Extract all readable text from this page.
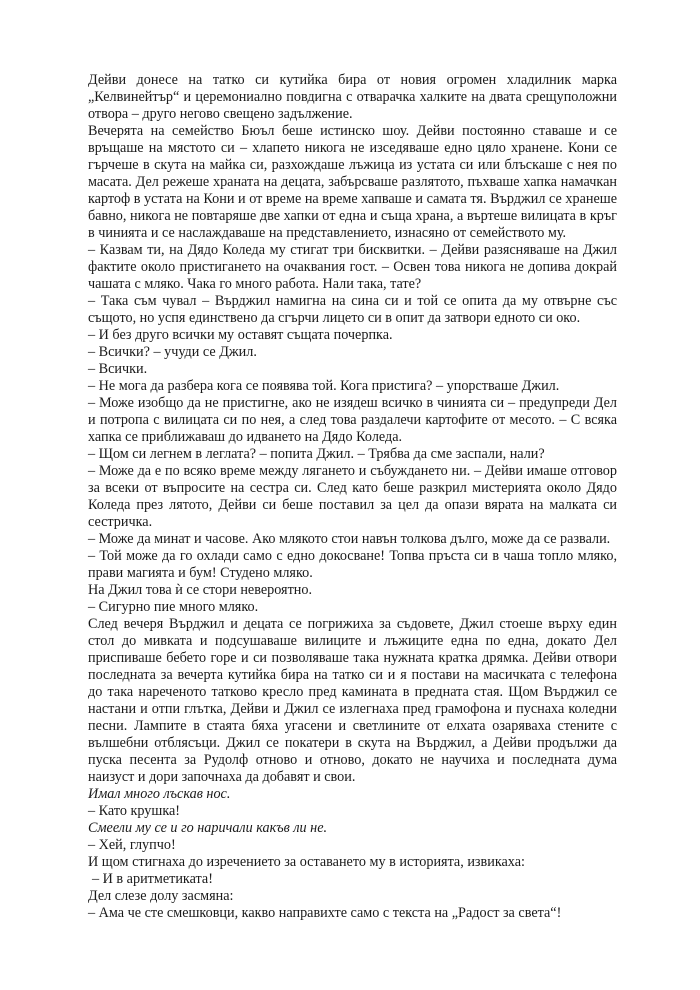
Дейви донесе на татко си кутийка бира от новия огромен хладилник марка „Келвинейтър“ и церемониално повдигна с отварачка халките на двата срещуположни отвора – друго негово свещено задължение.

Вечерята на семейство Бюъл беше истинско шоу. Дейви постоянно ставаше и се връщаше на мястото си – хлапето никога не изседяваше едно цяло хранене. Кони се гърчеше в скута на майка си, разхождаше лъжица из устата си или блъскаше с нея по масата. Дел режеше храната на децата, забърсваше разлятото, пъхваше хапка намачкан картоф в устата на Кони и от време на време хапваше и самата тя. Върджил се хранеше бавно, никога не повтаряше две хапки от една и съща храна, а въртеше вилицата в кръг в чинията и се наслаждаваше на представлението, изнасяно от семейството му.

– Казвам ти, на Дядо Коледа му стигат три бисквитки. – Дейви разясняваше на Джил фактите около пристигането на очаквания гост. – Освен това никога не допива докрай чашата с мляко. Чака го много работа. Нали така, тате?

– Така съм чувал – Върджил намигна на сина си и той се опита да му отвърне със същото, но успя единствено да сгърчи лицето си в опит да затвори едното си око.

– И без друго всички му оставят същата почерпка.

– Всички? – учуди се Джил.

– Всички.

– Не мога да разбера кога се появява той. Кога пристига? – упорстваше Джил.

– Може изобщо да не пристигне, ако не изядеш всичко в чинията си – предупреди Дел и потропа с вилицата си по нея, а след това раздалечи картофите от месото. – С всяка хапка се приближаваш до идването на Дядо Коледа.

– Щом си легнем в леглата? – попита Джил. – Трябва да сме заспали, нали?

– Може да е по всяко време между лягането и събуждането ни. – Дейви имаше отговор за всеки от въпросите на сестра си. След като беше разкрил мистерията около Дядо Коледа през лятото, Дейви си беше поставил за цел да опази вярата на малката си сестричка.

– Може да минат и часове. Ако млякото стои навън толкова дълго, може да се развали.

– Той може да го охлади само с едно докосване! Топва пръста си в чаша топло мляко, прави магията и бум! Студено мляко.

На Джил това ѝ се стори невероятно.

– Сигурно пие много мляко.

След вечеря Върджил и децата се погрижиха за съдовете, Джил стоеше върху един стол до мивката и подсушаваше вилиците и лъжиците една по една, докато Дел приспиваше бебето горе и си позволяваше така нужната кратка дрямка. Дейви отвори последната за вечерта кутийка бира на татко си и я постави на масичката с телефона до така нареченото татково кресло пред камината в предната стая. Щом Върджил се настани и отпи глътка, Дейви и Джил се излегнаха пред грамофона и пуснаха коледни песни. Лампите в стаята бяха угасени и светлините от елхата озаряваха стените с вълшебни отблясъци. Джил се покатери в скута на Върджил, а Дейви продължи да пуска песента за Рудолф отново и отново, докато не научиха и последната дума наизуст и дори започнаха да добавят и свои.

Имал много лъскав нос.

– Като крушка!

Смеели му се и го наричали какъв ли не.

– Хей, глупчо!

И щом стигнаха до изречението за оставането му в историята, извикаха:

– И в аритметиката!

Дел слезе долу засмяна:

– Ама че сте смешковци, какво направихте само с текста на „Радост за света“!
